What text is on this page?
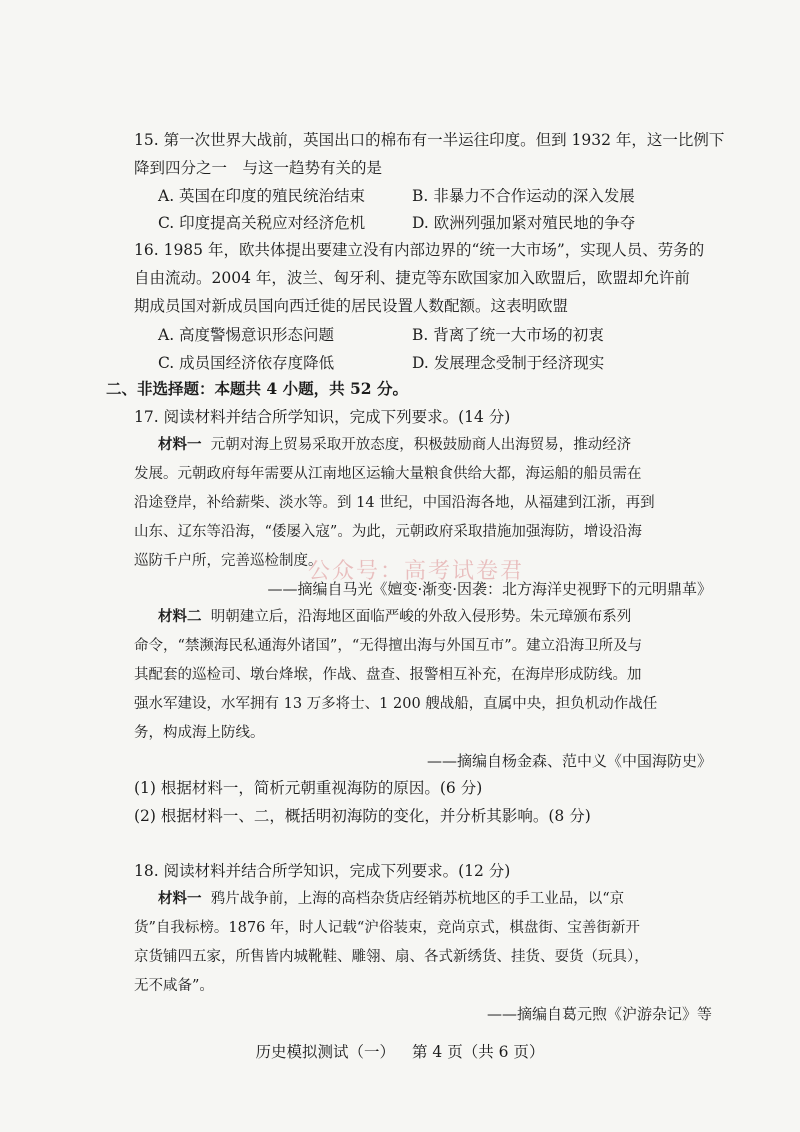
15. 第一次世界大战前，英国出口的棉布有一半运往印度。但到 1932 年，这一比例下
降到四分之一　与这一趋势有关的是
A. 英国在印度的殖民统治结束	B. 非暴力不合作运动的深入发展
C. 印度提高关税应对经济危机	D. 欧洲列强加紧对殖民地的争夺
16. 1985 年，欧共体提出要建立没有内部边界的“统一大市场”，实现人员、劳务的
自由流动。2004 年，波兰、匈牙利、捷克等东欧国家加入欧盟后，欧盟却允许前
期成员国对新成员国向西迁徙的居民设置人数配额。这表明欧盟
A. 高度警惕意识形态问题	B. 背离了统一大市场的初衷
C. 成员国经济依存度降低	D. 发展理念受制于经济现实
二、非选择题：本题共 4 小题，共 52 分。
17. 阅读材料并结合所学知识，完成下列要求。(14 分)
材料一 元朝对海上贸易采取开放态度，积极鼓励商人出海贸易，推动经济
发展。元朝政府每年需要从江南地区运输大量粮食供给大都，海运船的船员需在
沿途登岸，补给薪柴、淡水等。到 14 世纪，中国沿海各地，从福建到江浙，再到
山东、辽东等沿海，“倭屡入寇”。为此，元朝政府采取措施加强海防，增设沿海
巡防千户所，完善巡检制度。
——摘编自马光《嬗变·渐变·因袭：北方海洋史视野下的元明鼎革》
材料二 明朝建立后，沿海地区面临严峻的外敌入侵形势。朱元璋颁布系列
命令，“禁濒海民私通海外诸国”，“无得擅出海与外国互市”。建立沿海卫所及与
其配套的巡检司、墩台烽堠，作战、盘查、报警相互补充，在海岸形成防线。加
强水军建设，水军拥有 13 万多将士、1 200 艘战船，直属中央，担负机动作战任
务，构成海上防线。
——摘编自杨金森、范中义《中国海防史》
(1) 根据材料一，简析元朝重视海防的原因。(6 分)
(2) 根据材料一、二，概括明初海防的变化，并分析其影响。(8 分)
18. 阅读材料并结合所学知识，完成下列要求。(12 分)
材料一 鸦片战争前，上海的高档杂货店经销苏杭地区的手工业品，以“京
货”自我标榜。1876 年，时人记载“沪俗装束，竞尚京式，棋盘街、宝善街新开
京货铺四五家，所售皆内城靴鞋、雕翎、扇、各式新绣货、挂货、耍货（玩具），
无不咸备”。
——摘编自葛元煦《沪游杂记》等
公众号：高考试卷君
历史模拟测试（一） 第 4 页（共 6 页）
